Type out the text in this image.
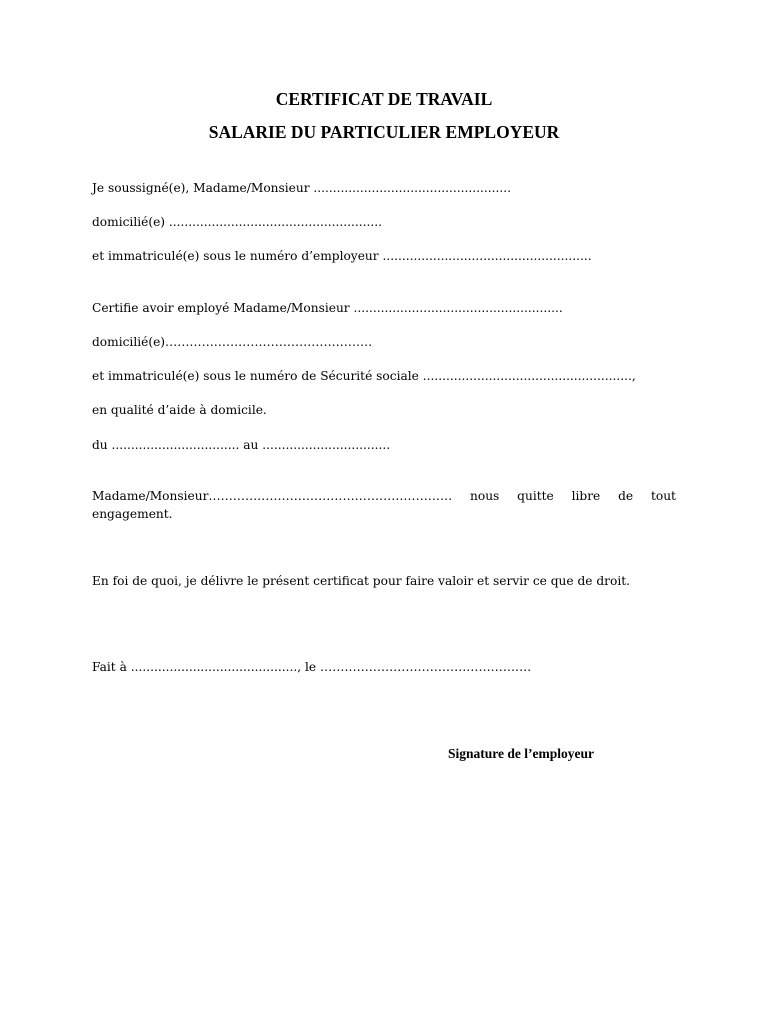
CERTIFICAT DE TRAVAIL
SALARIE DU PARTICULIER EMPLOYEUR

Je soussigné(e), Madame/Monsieur ...................................................

domicilié(e) .......................................................

et immatriculé(e) sous le numéro d’employeur ......................................................

Certifie avoir employé Madame/Monsieur ......................................................

domicilié(e)……………………………………………

et immatriculé(e) sous le numéro de Sécurité sociale ......................................................,

en qualité d’aide à domicile.

du ................................. au .................................

Madame/Monsieur…………………………………………………… nous quitte libre de tout
engagement.

En foi de quoi, je délivre le présent certificat pour faire valoir et servir ce que de droit.

Fait à ..........................................., le …………………………………………….

Signature de l’employeur
